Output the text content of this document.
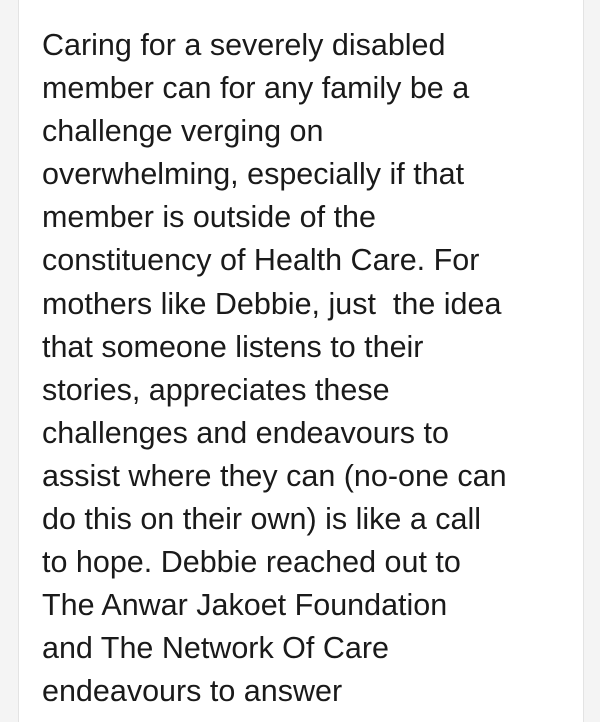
Caring for a severely disabled
member can for any family be a
challenge verging on
overwhelming, especially if that
member is outside of the
constituency of Health Care. For
mothers like Debbie, just  the idea
that someone listens to their
stories, appreciates these
challenges and endeavours to
assist where they can (no-one can
do this on their own) is like a call
to hope. Debbie reached out to
The Anwar Jakoet Foundation
and The Network Of Care
endeavours to answer
